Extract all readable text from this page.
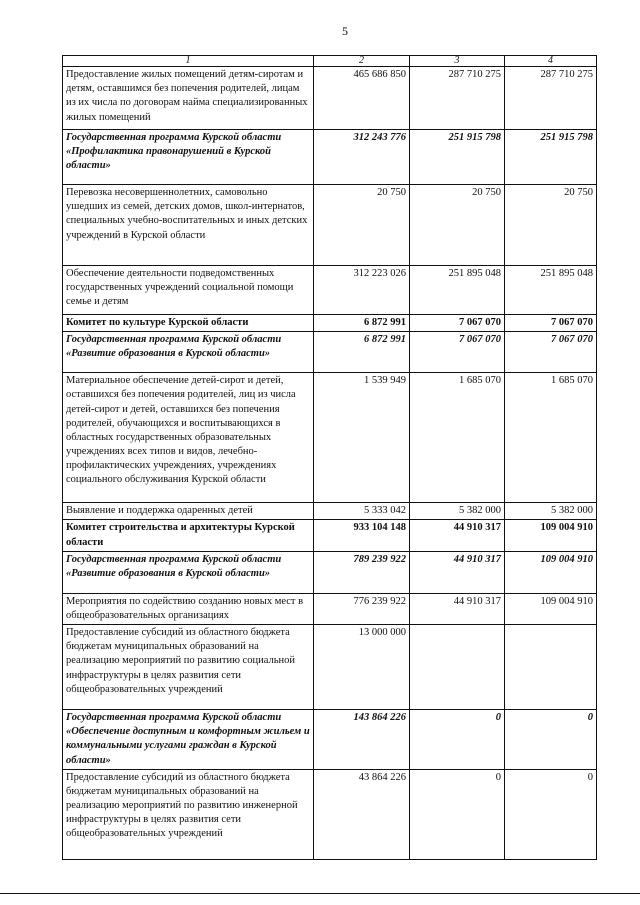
5
1	2	3	4
Предоставление жилых помещений детям-сиротам и детям, оставшимся без попечения родителей, лицам из их числа по договорам найма специализированных жилых помещений	465 686 850	287 710 275	287 710 275
Государственная программа Курской области «Профилактика правонарушений в Курской области»	312 243 776	251 915 798	251 915 798
Перевозка несовершеннолетних, самовольно ушедших из семей, детских домов, школ-интернатов, специальных учебно-воспитательных и иных детских учреждений в Курской области	20 750	20 750	20 750
Обеспечение деятельности подведомственных государственных учреждений социальной помощи семье и детям	312 223 026	251 895 048	251 895 048
Комитет по культуре Курской области	6 872 991	7 067 070	7 067 070
Государственная программа Курской области «Развитие образования в Курской области»	6 872 991	7 067 070	7 067 070
Материальное обеспечение детей-сирот и детей, оставшихся без попечения родителей, лиц из числа детей-сирот и детей, оставшихся без попечения родителей, обучающихся и воспитывающихся в областных государственных образовательных учреждениях всех типов и видов, лечебно-профилактических учреждениях, учреждениях социального обслуживания Курской области	1 539 949	1 685 070	1 685 070
Выявление и поддержка одаренных детей	5 333 042	5 382 000	5 382 000
Комитет строительства и архитектуры Курской области	933 104 148	44 910 317	109 004 910
Государственная программа Курской области «Развитие образования в Курской области»	789 239 922	44 910 317	109 004 910
Мероприятия по содействию созданию новых мест в общеобразовательных организациях	776 239 922	44 910 317	109 004 910
Предоставление субсидий из областного бюджета бюджетам муниципальных образований на реализацию мероприятий по развитию социальной инфраструктуры в целях развития сети общеобразовательных учреждений	13 000 000		
Государственная программа Курской области «Обеспечение доступным и комфортным жильем и коммунальными услугами граждан в Курской области»	143 864 226	0	0
Предоставление субсидий из областного бюджета бюджетам муниципальных образований на реализацию мероприятий по развитию инженерной инфраструктуры в целях развития сети общеобразовательных учреждений	43 864 226	0	0
